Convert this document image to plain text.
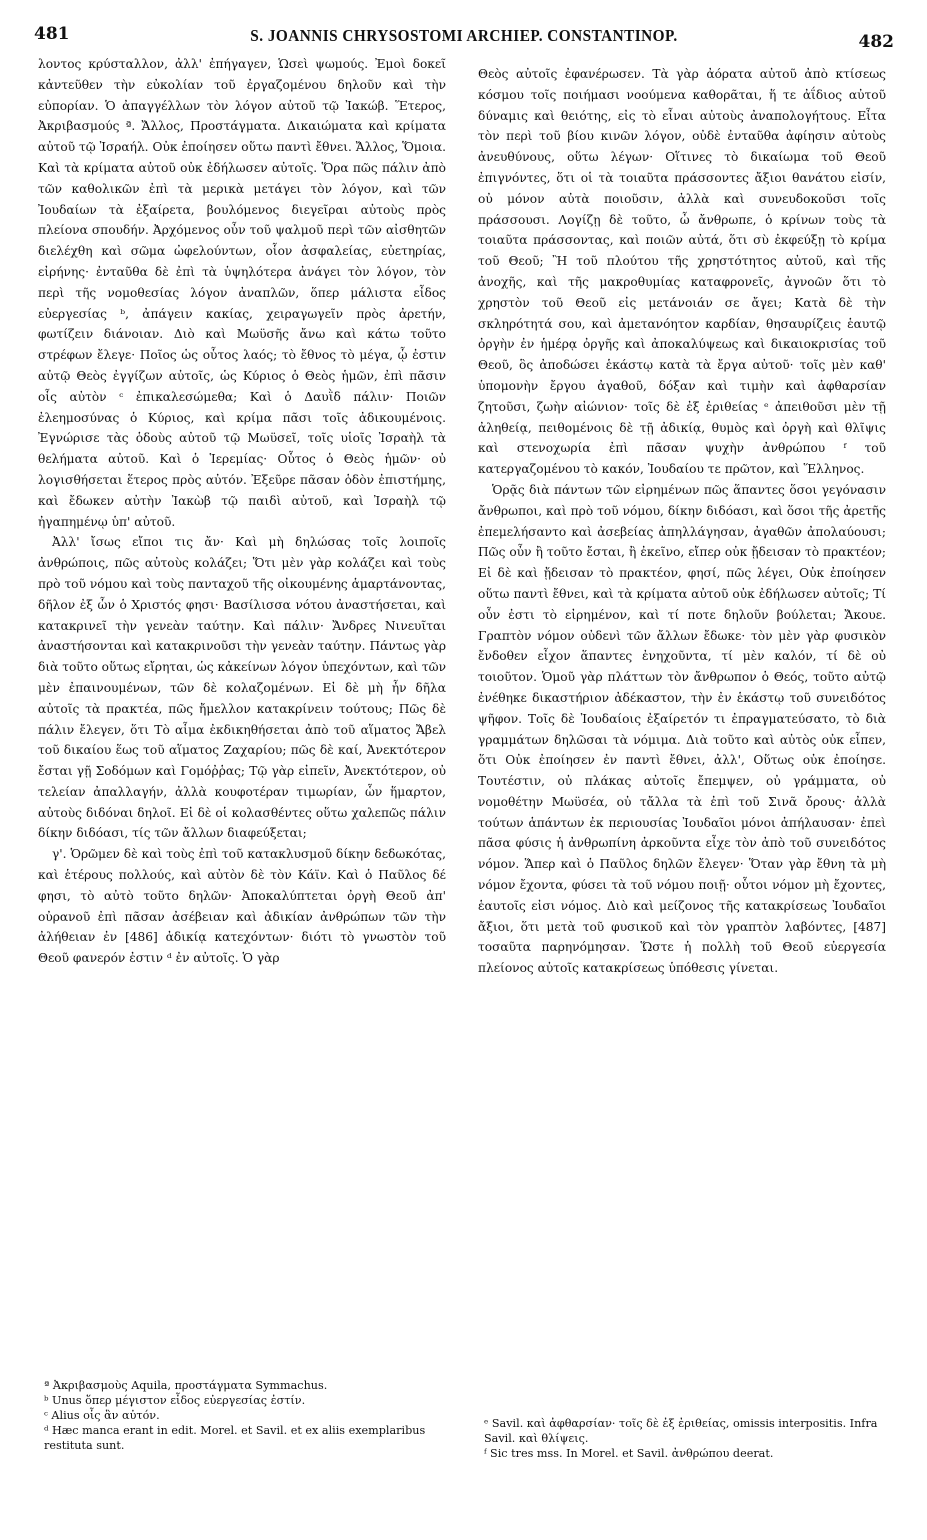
481	S. JOANNIS CHRYSOSTOMI ARCHIEP. CONSTANTINOP.	482

λοντος κρύσταλλον, ἀλλ' ἐπήγαγεν, Ὡσεὶ ψωμούς. Ἐμοὶ δοκεῖ κἀντεῦθεν τὴν εὐκολίαν τοῦ ἐργαζομένου δηλοῦν καὶ τὴν εὐπορίαν. Ὁ ἀπαγγέλλων τὸν λόγον αὐτοῦ τῷ Ἰακώβ. Ἕτερος, Ἀκριβασμούς ª. Ἄλλος, Προστάγματα. Δικαιώματα καὶ κρίματα αὐτοῦ τῷ Ἰσραήλ. Οὐκ ἐποίησεν οὕτω παντὶ ἔθνει. Ἄλλος, Ὅμοια. Καὶ τὰ κρίματα αὐτοῦ οὐκ ἐδήλωσεν αὐτοῖς. Ὅρα πῶς πάλιν ἀπὸ τῶν καθολικῶν ἐπὶ τὰ μερικὰ μετάγει τὸν λόγον, καὶ τῶν Ἰουδαίων τὰ ἐξαίρετα, βουλόμενος διεγεῖραι αὐτοὺς πρὸς πλείονα σπουδήν. Ἀρχόμενος οὖν τοῦ ψαλμοῦ περὶ τῶν αἰσθητῶν διελέχθη καὶ σῶμα ὠφελούντων, οἷον ἀσφαλείας, εὐετηρίας, εἰρήνης· ἐνταῦθα δὲ ἐπὶ τὰ ὑψηλότερα ἀνάγει τὸν λόγον, τὸν περὶ τῆς νομοθεσίας λόγον ἀναπλῶν, ὅπερ μάλιστα εἶδος εὐεργεσίας ᵇ, ἀπάγειν κακίας, χειραγωγεῖν πρὸς ἀρετήν, φωτίζειν διάνοιαν. Διὸ καὶ Μωϋσῆς ἄνω καὶ κάτω τοῦτο στρέφων ἔλεγε· Ποῖος ὡς οὗτος λαός; τὸ ἔθνος τὸ μέγα, ᾧ ἐστιν αὐτῷ Θεὸς ἐγγίζων αὐτοῖς, ὡς Κύριος ὁ Θεὸς ἡμῶν, ἐπὶ πᾶσιν οἷς αὐτὸν ᶜ ἐπικαλεσώμεθα; Καὶ ὁ Δαυῒδ πάλιν· Ποιῶν ἐλεημοσύνας ὁ Κύριος, καὶ κρίμα πᾶσι τοῖς ἀδικουμένοις. Ἐγνώρισε τὰς ὁδοὺς αὐτοῦ τῷ Μωϋσεῖ, τοῖς υἱοῖς Ἰσραὴλ τὰ θελήματα αὐτοῦ. Καὶ ὁ Ἱερεμίας· Οὗτος ὁ Θεὸς ἡμῶν· οὐ λογισθήσεται ἕτερος πρὸς αὐτόν. Ἐξεῦρε πᾶσαν ὁδὸν ἐπιστήμης, καὶ ἔδωκεν αὐτὴν Ἰακὼβ τῷ παιδὶ αὐτοῦ, καὶ Ἰσραὴλ τῷ ἠγαπημένῳ ὑπ' αὐτοῦ.

Ἀλλ' ἴσως εἴποι τις ἄν· Καὶ μὴ δηλώσας τοῖς λοιποῖς ἀνθρώποις, πῶς αὐτοὺς κολάζει; Ὅτι μὲν γὰρ κολάζει καὶ τοὺς πρὸ τοῦ νόμου καὶ τοὺς πανταχοῦ τῆς οἰκουμένης ἁμαρτάνοντας, δῆλον ἐξ ὧν ὁ Χριστός φησι· Βασίλισσα νότου ἀναστήσεται, καὶ κατακρινεῖ τὴν γενεὰν ταύτην. Καὶ πάλιν· Ἄνδρες Νινευῖται ἀναστήσονται καὶ κατακρινοῦσι τὴν γενεὰν ταύτην. Πάντως γὰρ διὰ τοῦτο οὕτως εἴρηται, ὡς κἀκείνων λόγον ὑπεχόντων, καὶ τῶν μὲν ἐπαινουμένων, τῶν δὲ κολαζομένων. Εἰ δὲ μὴ ἦν δῆλα αὐτοῖς τὰ πρακτέα, πῶς ἤμελλον κατακρίνειν τούτους; Πῶς δὲ πάλιν ἔλεγεν, ὅτι Τὸ αἷμα ἐκδικηθήσεται ἀπὸ τοῦ αἵματος Ἄβελ τοῦ δικαίου ἕως τοῦ αἵματος Ζαχαρίου; πῶς δὲ καί, Ἀνεκτότερον ἔσται γῇ Σοδόμων καὶ Γομόῤῥας; Τῷ γὰρ εἰπεῖν, Ἀνεκτότερον, οὐ τελείαν ἀπαλλαγήν, ἀλλὰ κουφοτέραν τιμωρίαν, ὧν ἥμαρτον, αὐτοὺς διδόναι δηλοῖ. Εἰ δὲ οἱ κολασθέντες οὕτω χαλεπῶς πάλιν δίκην διδόασι, τίς τῶν ἄλλων διαφεύξεται;

γ'. Ὁρῶμεν δὲ καὶ τοὺς ἐπὶ τοῦ κατακλυσμοῦ δίκην δεδωκότας, καὶ ἑτέρους πολλούς, καὶ αὐτὸν δὲ τὸν Κάϊν. Καὶ ὁ Παῦλος δέ φησι, τὸ αὐτὸ τοῦτο δηλῶν· Ἀποκαλύπτεται ὀργὴ Θεοῦ ἀπ' οὐρανοῦ ἐπὶ πᾶσαν ἀσέβειαν καὶ ἀδικίαν ἀνθρώπων τῶν τὴν ἀλήθειαν ἐν [486] ἀδικίᾳ κατεχόντων· διότι τὸ γνωστὸν τοῦ Θεοῦ φανερόν ἐστιν ᵈ ἐν αὐτοῖς. Ὁ γὰρ

Θεὸς αὐτοῖς ἐφανέρωσεν. Τὰ γὰρ ἀόρατα αὐτοῦ ἀπὸ κτίσεως κόσμου τοῖς ποιήμασι νοούμενα καθορᾶται, ἥ τε ἀΐδιος αὐτοῦ δύναμις καὶ θειότης, εἰς τὸ εἶναι αὐτοὺς ἀναπολογήτους. Εἶτα τὸν περὶ τοῦ βίου κινῶν λόγον, οὐδὲ ἐνταῦθα ἀφίησιν αὐτοὺς ἀνευθύνους, οὕτω λέγων· Οἵτινες τὸ δικαίωμα τοῦ Θεοῦ ἐπιγνόντες, ὅτι οἱ τὰ τοιαῦτα πράσσοντες ἄξιοι θανάτου εἰσίν, οὐ μόνον αὐτὰ ποιοῦσιν, ἀλλὰ καὶ συνευδοκοῦσι τοῖς πράσσουσι. Λογίζῃ δὲ τοῦτο, ὦ ἄνθρωπε, ὁ κρίνων τοὺς τὰ τοιαῦτα πράσσοντας, καὶ ποιῶν αὐτά, ὅτι σὺ ἐκφεύξῃ τὸ κρίμα τοῦ Θεοῦ; Ἢ τοῦ πλούτου τῆς χρηστότητος αὐτοῦ, καὶ τῆς ἀνοχῆς, καὶ τῆς μακροθυμίας καταφρονεῖς, ἀγνοῶν ὅτι τὸ χρηστὸν τοῦ Θεοῦ εἰς μετάνοιάν σε ἄγει; Κατὰ δὲ τὴν σκληρότητά σου, καὶ ἀμετανόητον καρδίαν, θησαυρίζεις ἑαυτῷ ὀργὴν ἐν ἡμέρᾳ ὀργῆς καὶ ἀποκαλύψεως καὶ δικαιοκρισίας τοῦ Θεοῦ, ὃς ἀποδώσει ἑκάστῳ κατὰ τὰ ἔργα αὐτοῦ· τοῖς μὲν καθ' ὑπομονὴν ἔργου ἀγαθοῦ, δόξαν καὶ τιμὴν καὶ ἀφθαρσίαν ζητοῦσι, ζωὴν αἰώνιον· τοῖς δὲ ἐξ ἐριθείας ᵉ ἀπειθοῦσι μὲν τῇ ἀληθείᾳ, πειθομένοις δὲ τῇ ἀδικίᾳ, θυμὸς καὶ ὀργὴ καὶ θλῖψις καὶ στενοχωρία ἐπὶ πᾶσαν ψυχὴν ἀνθρώπου ᶠ τοῦ κατεργαζομένου τὸ κακόν, Ἰουδαίου τε πρῶτον, καὶ Ἕλληνος.

Ὁρᾷς διὰ πάντων τῶν εἰρημένων πῶς ἅπαντες ὅσοι γεγόνασιν ἄνθρωποι, καὶ πρὸ τοῦ νόμου, δίκην διδόασι, καὶ ὅσοι τῆς ἀρετῆς ἐπεμελήσαντο καὶ ἀσεβείας ἀπηλλάγησαν, ἀγαθῶν ἀπολαύουσι; Πῶς οὖν ἢ τοῦτο ἔσται, ἢ ἐκεῖνο, εἴπερ οὐκ ᾔδεισαν τὸ πρακτέον; Εἰ δὲ καὶ ᾔδεισαν τὸ πρακτέον, φησί, πῶς λέγει, Οὐκ ἐποίησεν οὕτω παντὶ ἔθνει, καὶ τὰ κρίματα αὐτοῦ οὐκ ἐδήλωσεν αὐτοῖς; Τί οὖν ἐστι τὸ εἰρημένον, καὶ τί ποτε δηλοῦν βούλεται; Ἄκουε. Γραπτὸν νόμον οὐδενὶ τῶν ἄλλων ἔδωκε· τὸν μὲν γὰρ φυσικὸν ἔνδοθεν εἶχον ἅπαντες ἐνηχοῦντα, τί μὲν καλόν, τί δὲ οὐ τοιοῦτον. Ὁμοῦ γὰρ πλάττων τὸν ἄνθρωπον ὁ Θεός, τοῦτο αὐτῷ ἐνέθηκε δικαστήριον ἀδέκαστον, τὴν ἐν ἑκάστῳ τοῦ συνειδότος ψῆφον. Τοῖς δὲ Ἰουδαίοις ἐξαίρετόν τι ἐπραγματεύσατο, τὸ διὰ γραμμάτων δηλῶσαι τὰ νόμιμα. Διὰ τοῦτο καὶ αὐτὸς οὐκ εἶπεν, ὅτι Οὐκ ἐποίησεν ἐν παντὶ ἔθνει, ἀλλ', Οὕτως οὐκ ἐποίησε. Τουτέστιν, οὐ πλάκας αὐτοῖς ἔπεμψεν, οὐ γράμματα, οὐ νομοθέτην Μωϋσέα, οὐ τἄλλα τὰ ἐπὶ τοῦ Σινᾶ ὄρους· ἀλλὰ τούτων ἁπάντων ἐκ περιουσίας Ἰουδαῖοι μόνοι ἀπήλαυσαν· ἐπεὶ πᾶσα φύσις ἡ ἀνθρωπίνη ἀρκοῦντα εἶχε τὸν ἀπὸ τοῦ συνειδότος νόμον. Ἅπερ καὶ ὁ Παῦλος δηλῶν ἔλεγεν· Ὅταν γὰρ ἔθνη τὰ μὴ νόμον ἔχοντα, φύσει τὰ τοῦ νόμου ποιῇ· οὗτοι νόμον μὴ ἔχοντες, ἑαυτοῖς εἰσι νόμος. Διὸ καὶ μείζονος τῆς κατακρίσεως Ἰουδαῖοι ἄξιοι, ὅτι μετὰ τοῦ φυσικοῦ καὶ τὸν γραπτὸν λαβόντες, [487] τοσαῦτα παρηνόμησαν. Ὥστε ἡ πολλὴ τοῦ Θεοῦ εὐεργεσία πλείονος αὐτοῖς κατακρίσεως ὑπόθεσις γίνεται.

ª Ἀκριβασμοὺς Aquila, προστάγματα Symmachus.

ᵇ Unus ὅπερ μέγιστον εἶδος εὐεργεσίας ἐστίν.

ᶜ Alius οἷς ἂν αὐτόν.

ᵈ Hæc manca erant in edit. Morel. et Savil. et ex aliis exemplaribus restituta sunt.

ᵉ Savil. καὶ ἀφθαρσίαν· τοῖς δὲ ἐξ ἐριθείας, omissis interpositis. Infra Savil. καὶ θλίψεις.

ᶠ Sic tres mss. In Morel. et Savil. ἀνθρώπου deerat.
